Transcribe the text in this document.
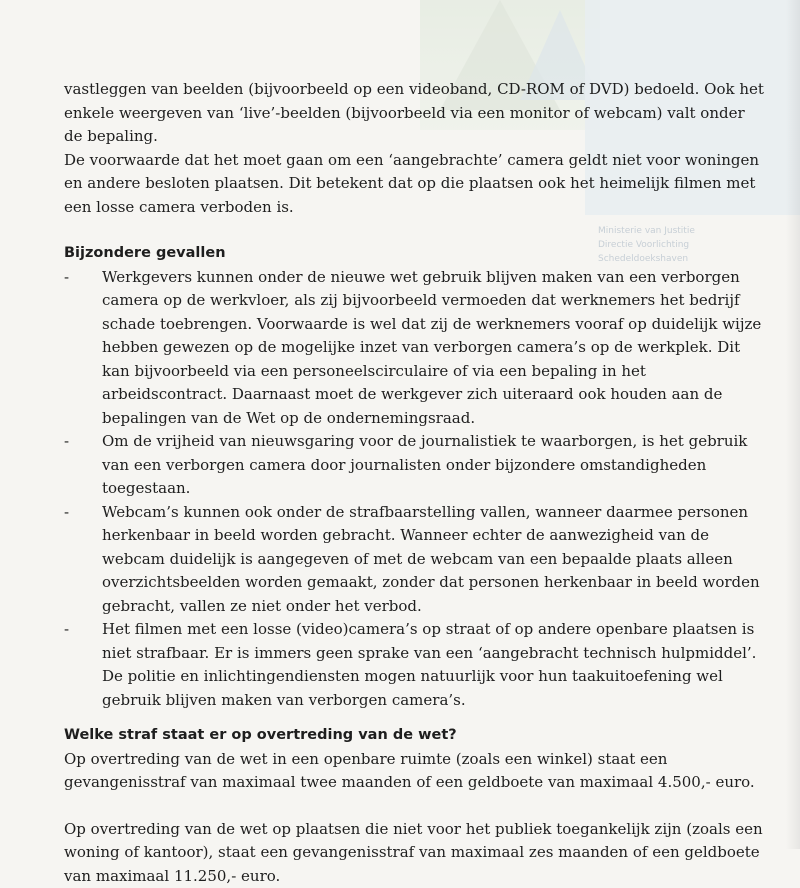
Ministerie van Justitie
Directie Voorlichting
Schedeldoekshaven

vastleggen van beelden (bijvoorbeeld op een videoband, CD-ROM of DVD) bedoeld. Ook het enkele weergeven van ‘live’-beelden (bijvoorbeeld via een monitor of webcam) valt onder de bepaling.

De voorwaarde dat het moet gaan om een ‘aangebrachte’ camera geldt niet voor woningen en andere besloten plaatsen. Dit betekent dat op die plaatsen ook het heimelijk filmen met een losse camera verboden is.

Bijzondere gevallen

- Werkgevers kunnen onder de nieuwe wet gebruik blijven maken van een verborgen camera op de werkvloer, als zij bijvoorbeeld vermoeden dat werknemers het bedrijf schade toebrengen. Voorwaarde is wel dat zij de werknemers vooraf op duidelijk wijze hebben gewezen op de mogelijke inzet van verborgen camera’s op de werkplek. Dit kan bijvoorbeeld via een personeelscirculaire of via een bepaling in het arbeidscontract. Daarnaast moet de werkgever zich uiteraard ook houden aan de bepalingen van de Wet op de ondernemingsraad.
- Om de vrijheid van nieuwsgaring voor de journalistiek te waarborgen, is het gebruik van een verborgen camera door journalisten onder bijzondere omstandigheden toegestaan.
- Webcam’s kunnen ook onder de strafbaarstelling vallen, wanneer daarmee personen herkenbaar in beeld worden gebracht. Wanneer echter de aanwezigheid van de webcam duidelijk is aangegeven of met de webcam van een bepaalde plaats alleen overzichtsbeelden worden gemaakt, zonder dat personen herkenbaar in beeld worden gebracht, vallen ze niet onder het verbod.
- Het filmen met een losse (video)camera’s op straat of op andere openbare plaatsen is niet strafbaar. Er is immers geen sprake van een ‘aangebracht technisch hulpmiddel’.

De politie en inlichtingendiensten mogen natuurlijk voor hun taakuitoefening wel gebruik blijven maken van verborgen camera’s.

Welke straf staat er op overtreding van de wet?

Op overtreding van de wet in een openbare ruimte (zoals een winkel) staat een gevangenisstraf van maximaal twee maanden of een geldboete van maximaal 4.500,- euro.

Op overtreding van de wet op plaatsen die niet voor het publiek toegankelijk zijn (zoals een woning of kantoor), staat een gevangenisstraf van maximaal zes maanden of een geldboete van maximaal 11.250,- euro.
